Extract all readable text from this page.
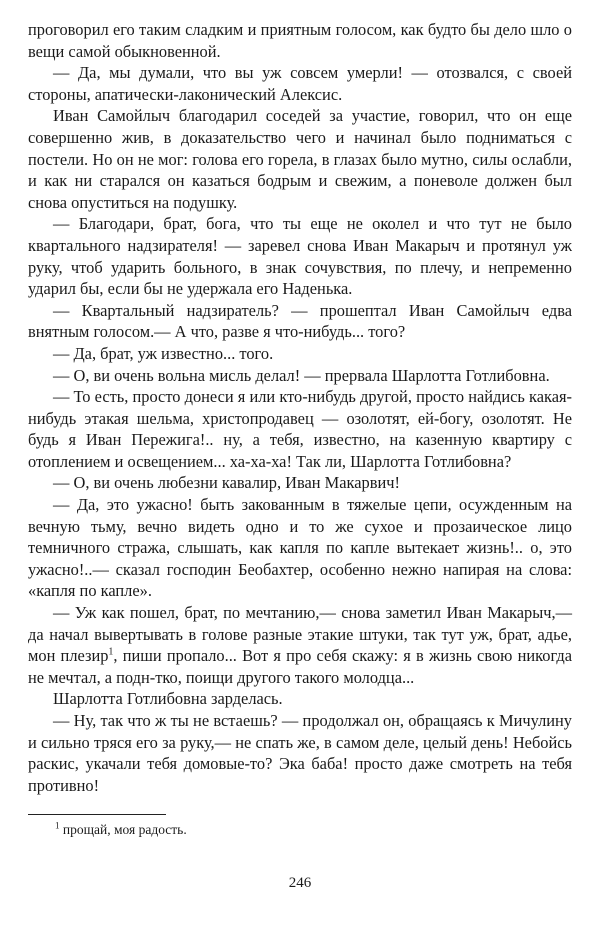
проговорил его таким сладким и приятным голосом, как будто бы дело шло о вещи самой обыкновенной.

— Да, мы думали, что вы уж совсем умерли! — отозвался, с своей стороны, апатически-лаконический Алексис.

Иван Самойлыч благодарил соседей за участие, говорил, что он еще совершенно жив, в доказательство чего и начинал было подниматься с постели. Но он не мог: голова его горела, в глазах было мутно, силы ослабли, и как ни старался он казаться бодрым и свежим, а поневоле должен был снова опуститься на подушку.

— Благодари, брат, бога, что ты еще не околел и что тут не было квартального надзирателя! — заревел снова Иван Макарыч и протянул уж руку, чтоб ударить больного, в знак сочувствия, по плечу, и непременно ударил бы, если бы не удержала его Наденька.

— Квартальный надзиратель? — прошептал Иван Самойлыч едва внятным голосом.— А что, разве я что-нибудь... того?

— Да, брат, уж известно... того.

— О, ви очень вольна мисль делал! — прервала Шарлотта Готлибовна.

— То есть, просто донеси я или кто-нибудь другой, просто найдись какая-нибудь этакая шельма, христопродавец — озолотят, ей-богу, озолотят. Не будь я Иван Пережига!.. ну, а тебя, известно, на казенную квартиру с отоплением и освещением... ха-ха-ха! Так ли, Шарлотта Готлибовна?

— О, ви очень любезни кавалир, Иван Макарвич!

— Да, это ужасно! быть закованным в тяжелые цепи, осужденным на вечную тьму, вечно видеть одно и то же сухое и прозаическое лицо темничного стража, слышать, как капля по капле вытекает жизнь!.. о, это ужасно!..— сказал господин Беобахтер, особенно нежно напирая на слова: «капля по капле».

— Уж как пошел, брат, по мечтанию,— снова заметил Иван Макарыч,— да начал вывертывать в голове разные этакие штуки, так тут уж, брат, адье, мон плезир$^1$, пиши пропало... Вот я про себя скажу: я в жизнь свою никогда не мечтал, а подн-тко, поищи другого такого молодца...

Шарлотта Готлибовна зарделась.

— Ну, так что ж ты не встаешь? — продолжал он, обращаясь к Мичулину и сильно тряся его за руку,— не спать же, в самом деле, целый день! Небойсь раскис, укачали тебя домовые-то? Эка баба! просто даже смотреть на тебя противно!

$^1$ прощай, моя радость.
246
